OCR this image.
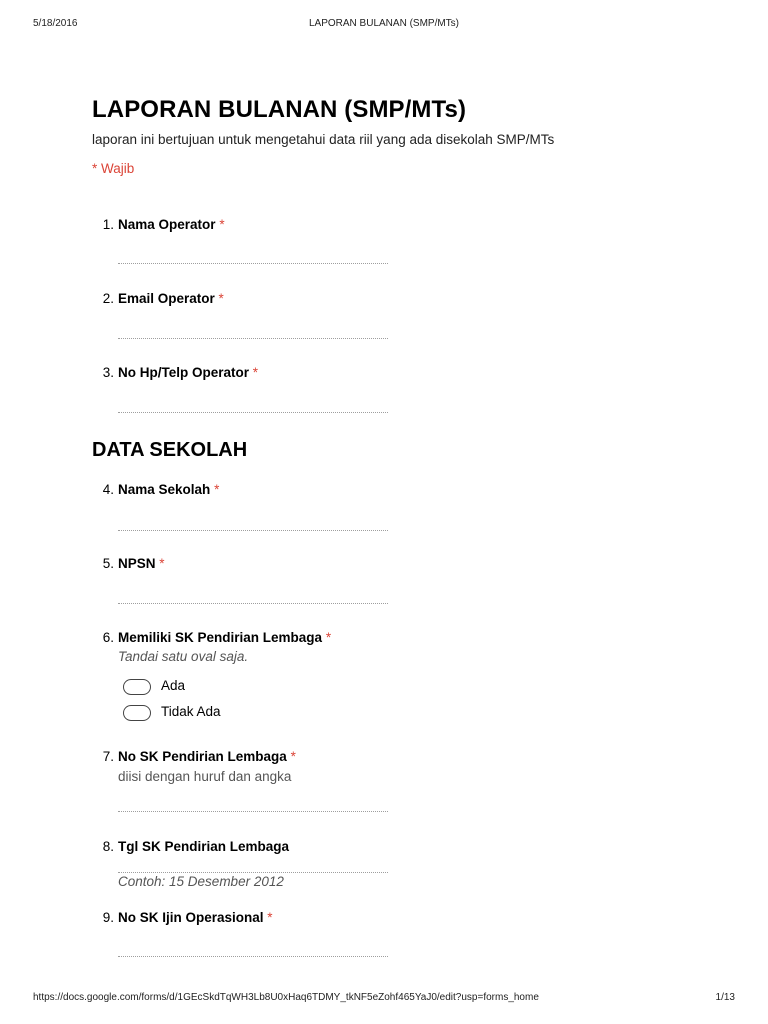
5/18/2016	LAPORAN BULANAN (SMP/MTs)
LAPORAN BULANAN (SMP/MTs)
laporan ini bertujuan untuk mengetahui data riil yang ada disekolah SMP/MTs
* Wajib
1. Nama Operator *
2. Email Operator *
3. No Hp/Telp Operator *
DATA SEKOLAH
4. Nama Sekolah *
5. NPSN *
6. Memiliki SK Pendirian Lembaga *
Tandai satu oval saja.
Ada
Tidak Ada
7. No SK Pendirian Lembaga *
diisi dengan huruf dan angka
8. Tgl SK Pendirian Lembaga
Contoh: 15 Desember 2012
9. No SK Ijin Operasional *
https://docs.google.com/forms/d/1GEcSkdTqWH3Lb8U0xHaq6TDMY_tkNF5eZohf465YaJ0/edit?usp=forms_home	1/13
